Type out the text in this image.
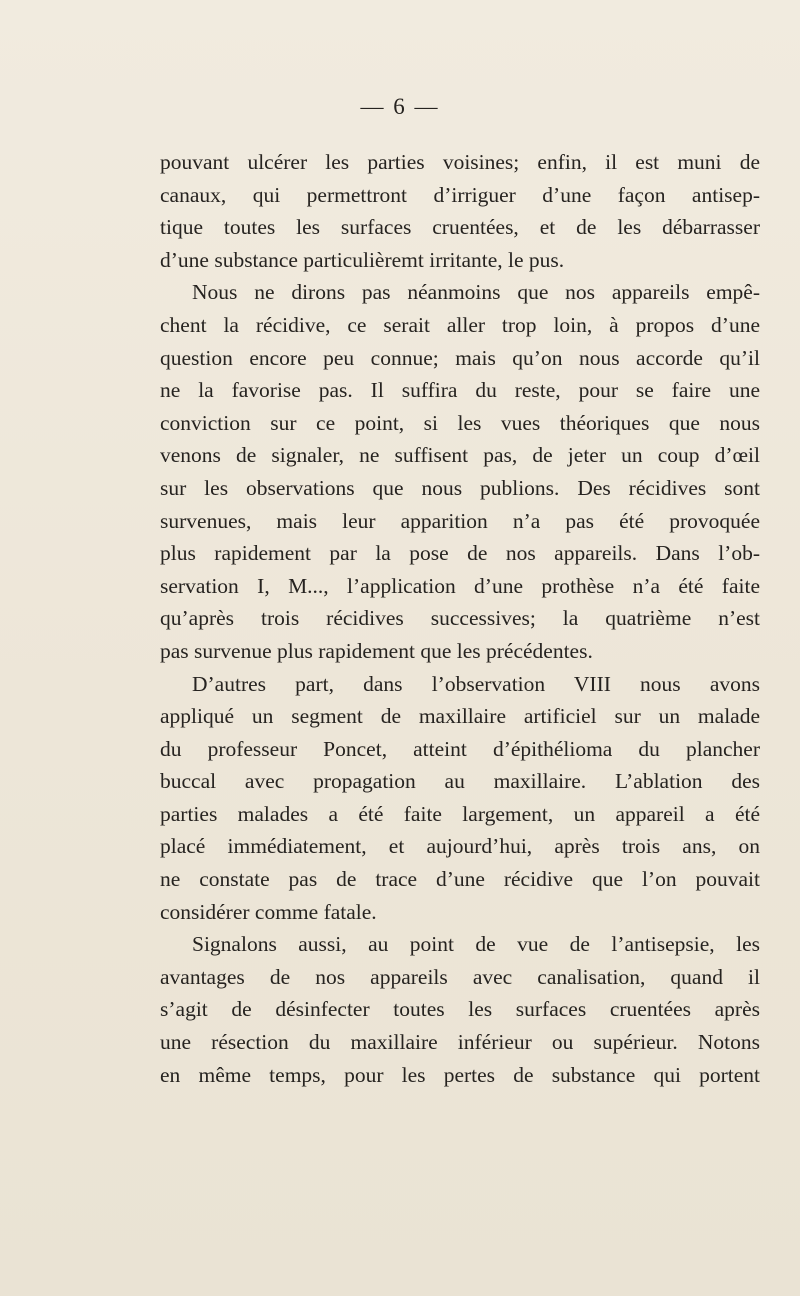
— 6 —
pouvant ulcérer les parties voisines; enfin, il est muni de
canaux, qui permettront d’irriguer d’une façon antisep-
tique toutes les surfaces cruentées, et de les débarrasser
d’une substance particulièremt irritante, le pus.
Nous ne dirons pas néanmoins que nos appareils empê-
chent la récidive, ce serait aller trop loin, à propos d’une
question encore peu connue; mais qu’on nous accorde qu’il
ne la favorise pas. Il suffira du reste, pour se faire une
conviction sur ce point, si les vues théoriques que nous
venons de signaler, ne suffisent pas, de jeter un coup d’œil
sur les observations que nous publions. Des récidives sont
survenues, mais leur apparition n’a pas été provoquée
plus rapidement par la pose de nos appareils. Dans l’ob-
servation I, M..., l’application d’une prothèse n’a été faite
qu’après trois récidives successives; la quatrième n’est
pas survenue plus rapidement que les précédentes.
D’autres part, dans l’observation VIII nous avons
appliqué un segment de maxillaire artificiel sur un malade
du professeur Poncet, atteint d’épithélioma du plancher
buccal avec propagation au maxillaire. L’ablation des
parties malades a été faite largement, un appareil a été
placé immédiatement, et aujourd’hui, après trois ans, on
ne constate pas de trace d’une récidive que l’on pouvait
considérer comme fatale.
Signalons aussi, au point de vue de l’antisepsie, les
avantages de nos appareils avec canalisation, quand il
s’agit de désinfecter toutes les surfaces cruentées après
une résection du maxillaire inférieur ou supérieur. Notons
en même temps, pour les pertes de substance qui portent
